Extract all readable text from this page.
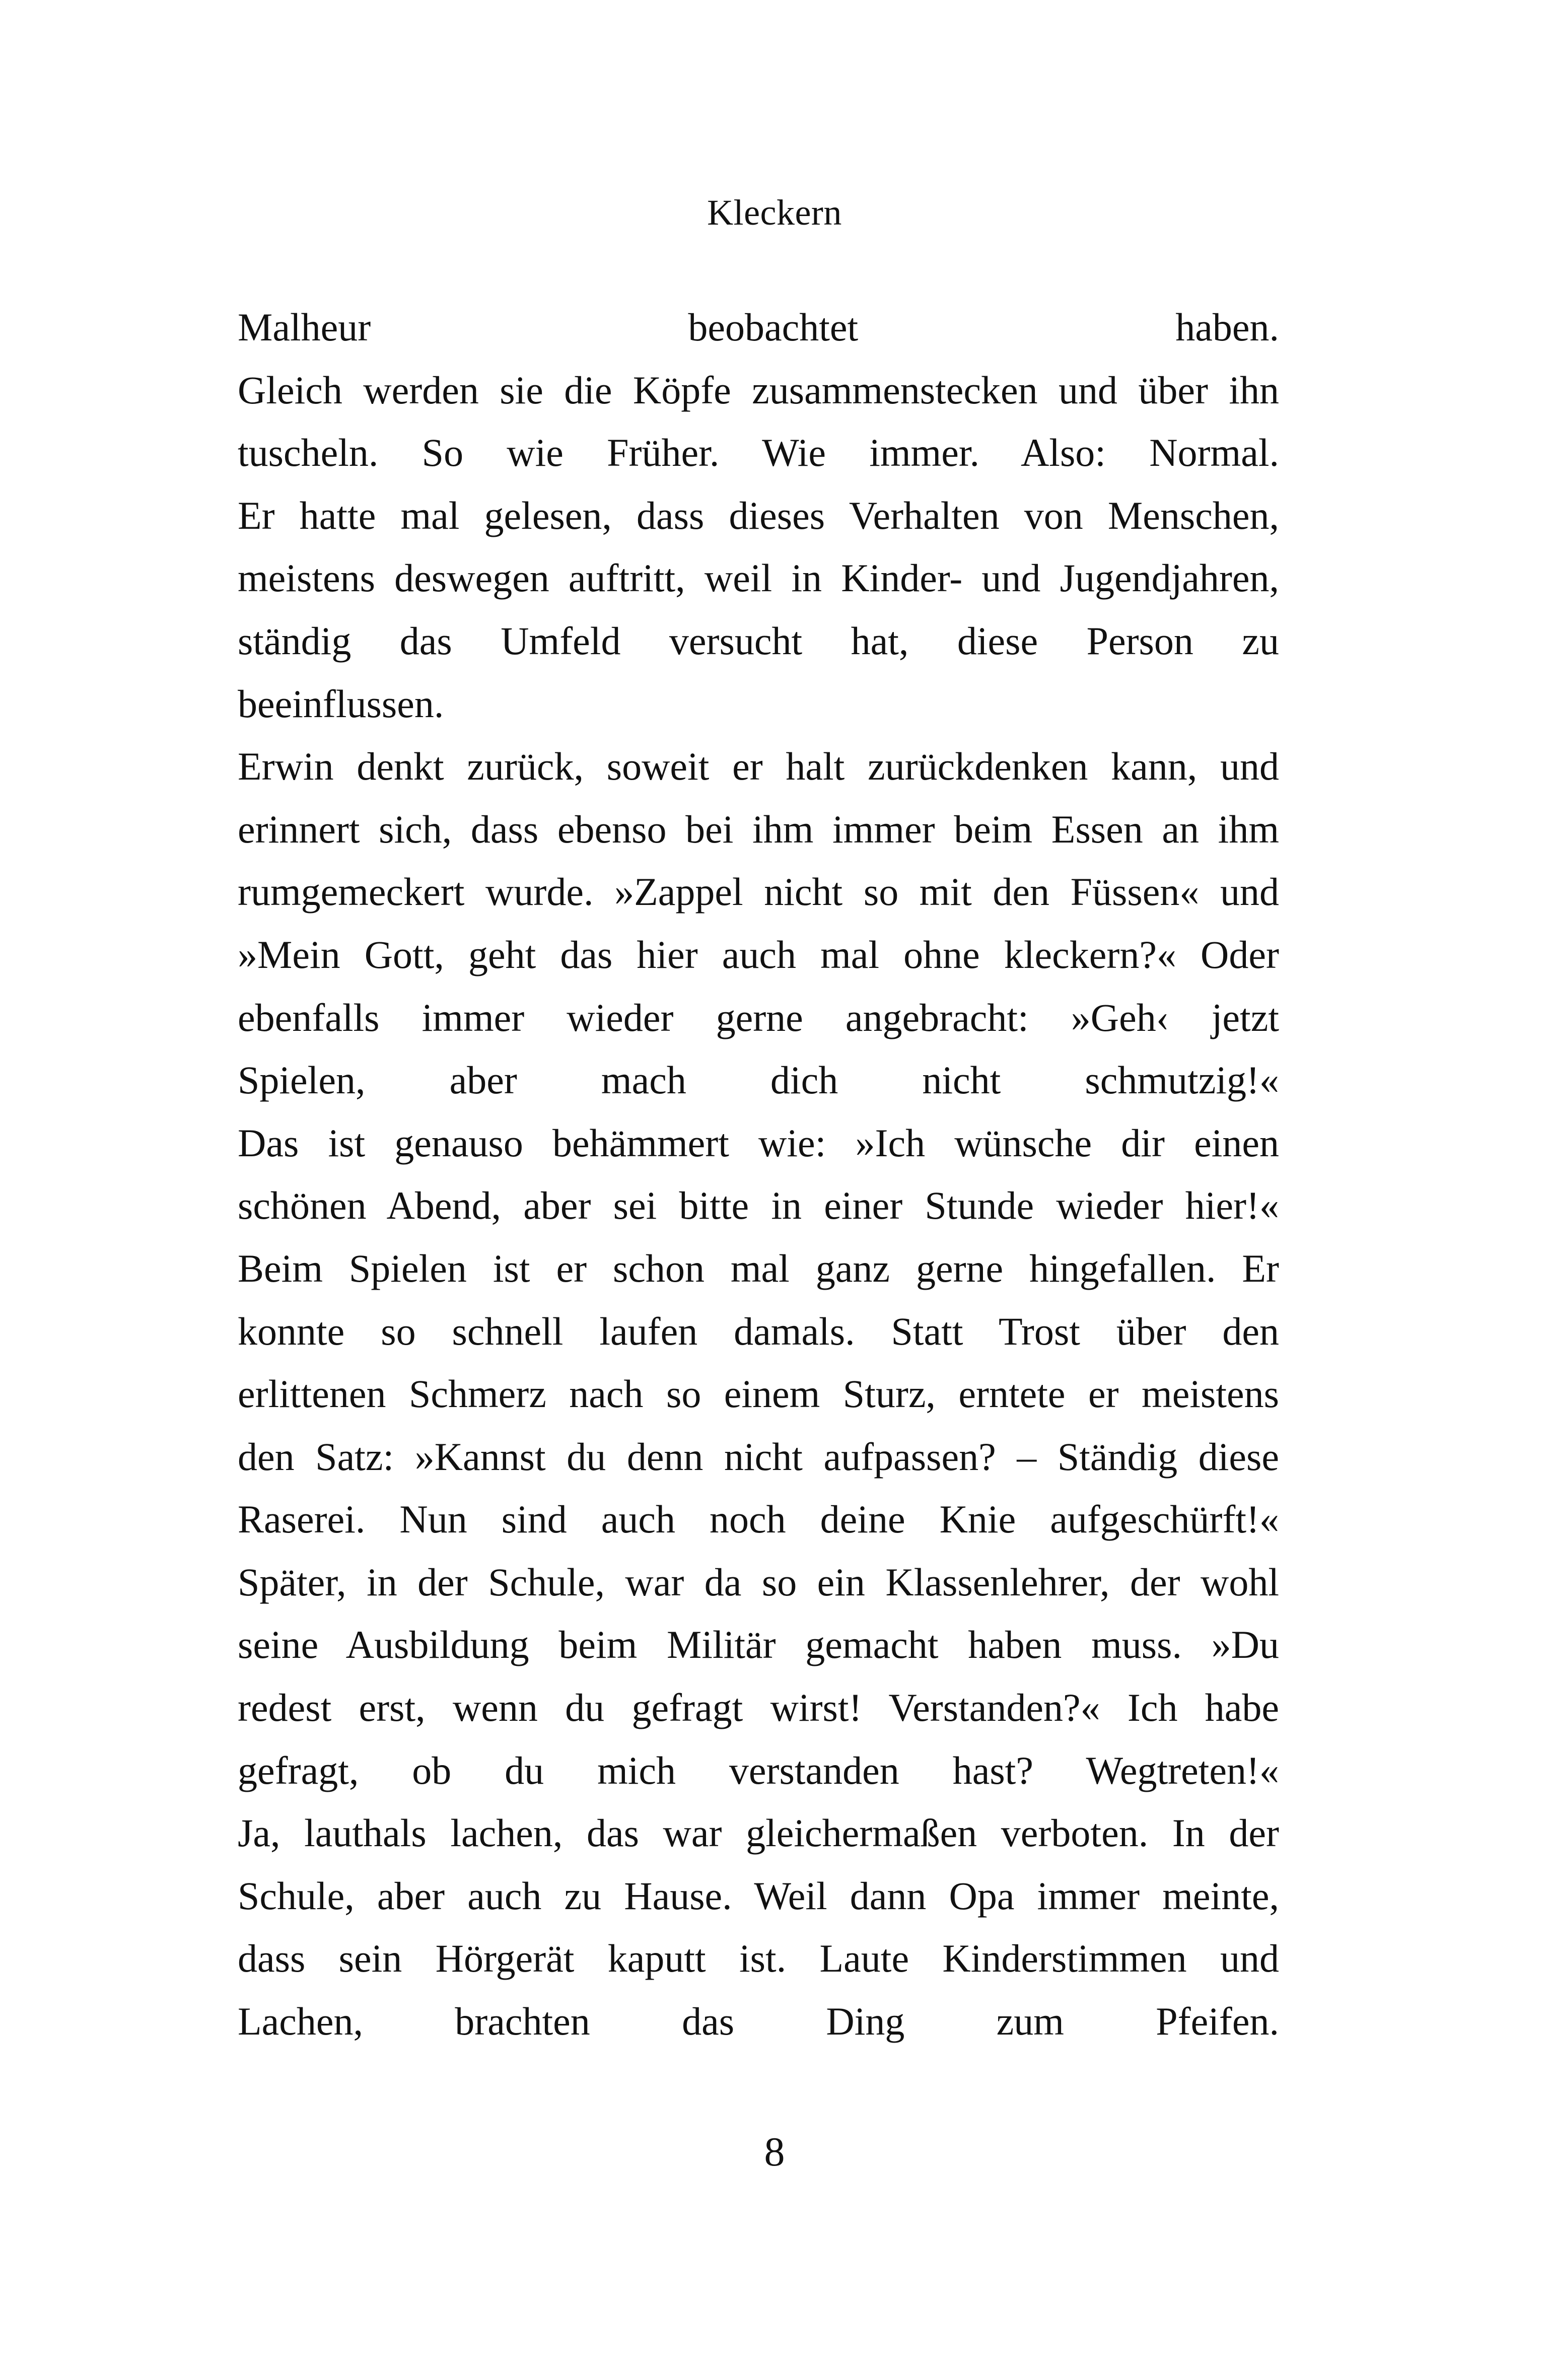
Kleckern
Malheur beobachtet haben.
Gleich werden sie die Köpfe zusammenstecken und über ihn
tuscheln. So wie Früher. Wie immer. Also: Normal.
Er hatte mal gelesen, dass dieses Verhalten von Menschen,
meistens deswegen auftritt, weil in Kinder- und Jugendjahren,
ständig das Umfeld versucht hat, diese Person zu
beeinflussen.
Erwin denkt zurück, soweit er halt zurückdenken kann, und
erinnert sich, dass ebenso bei ihm immer beim Essen an ihm
rumgemeckert wurde. »Zappel nicht so mit den Füssen« und
»Mein Gott, geht das hier auch mal ohne kleckern?« Oder
ebenfalls immer wieder gerne angebracht: »Geh‹ jetzt
Spielen, aber mach dich nicht schmutzig!«
Das ist genauso behämmert wie: »Ich wünsche dir einen
schönen Abend, aber sei bitte in einer Stunde wieder hier!«
Beim Spielen ist er schon mal ganz gerne hingefallen. Er
konnte so schnell laufen damals. Statt Trost über den
erlittenen Schmerz nach so einem Sturz, erntete er meistens
den Satz: »Kannst du denn nicht aufpassen? – Ständig diese
Raserei. Nun sind auch noch deine Knie aufgeschürft!«
Später, in der Schule, war da so ein Klassenlehrer, der wohl
seine Ausbildung beim Militär gemacht haben muss. »Du
redest erst, wenn du gefragt wirst! Verstanden?« Ich habe
gefragt, ob du mich verstanden hast? Wegtreten!«
Ja, lauthals lachen, das war gleichermaßen verboten. In der
Schule, aber auch zu Hause. Weil dann Opa immer meinte,
dass sein Hörgerät kaputt ist. Laute Kinderstimmen und
Lachen, brachten das Ding zum Pfeifen.
8
